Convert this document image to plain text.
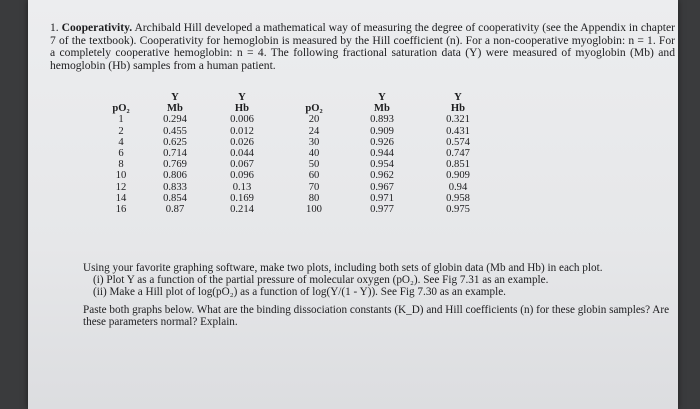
1. Cooperativity. Archibald Hill developed a mathematical way of measuring the degree of cooperativity (see the Appendix in chapter 7 of the textbook). Cooperativity for hemoglobin is measured by the Hill coefficient (n). For a non-cooperative myoglobin: n = 1. For a completely cooperative hemoglobin: n = 4. The following fractional saturation data (Y) were measured of myoglobin (Mb) and hemoglobin (Hb) samples from a human patient.
	Y	Y		Y	Y
pO₂	Mb	Hb	pO₂	Mb	Hb
1	0.294	0.006	20	0.893	0.321
2	0.455	0.012	24	0.909	0.431
4	0.625	0.026	30	0.926	0.574
6	0.714	0.044	40	0.944	0.747
8	0.769	0.067	50	0.954	0.851
10	0.806	0.096	60	0.962	0.909
12	0.833	0.13	70	0.967	0.94
14	0.854	0.169	80	0.971	0.958
16	0.87	0.214	100	0.977	0.975

Using your favorite graphing software, make two plots, including both sets of globin data (Mb and Hb) in each plot.

(i) Plot Y as a function of the partial pressure of molecular oxygen (pO₂). See Fig 7.31 as an example.

(ii) Make a Hill plot of log(pO₂) as a function of log(Y/(1 - Y)). See Fig 7.30 as an example.

Paste both graphs below. What are the binding dissociation constants (K_D) and Hill coefficients (n) for these globin samples? Are these parameters normal? Explain.
